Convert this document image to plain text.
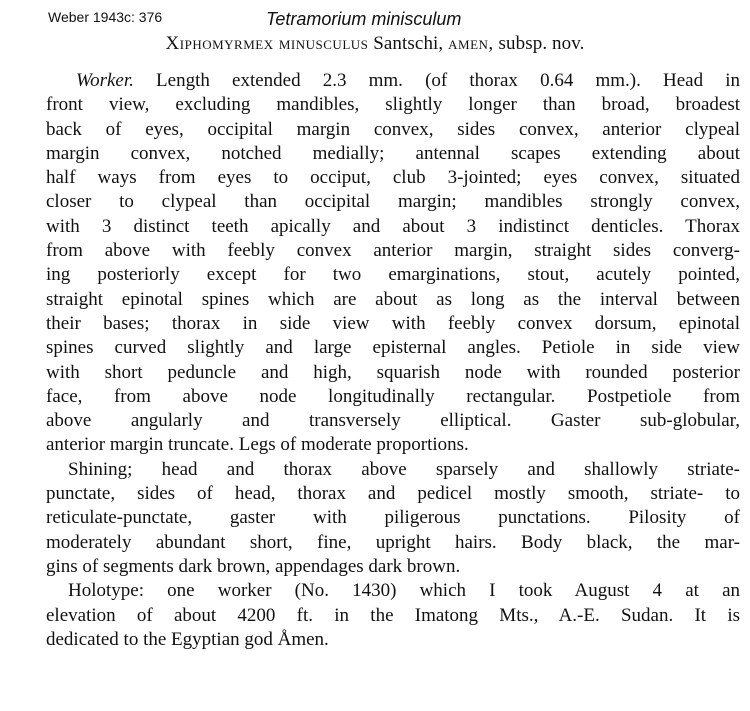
Weber 1943c: 376	Tetramorium minisculum
Xiphomyrmex minusculus Santschi, amen, subsp. nov.
Worker. Length extended 2.3 mm. (of thorax 0.64 mm.). Head in
front view, excluding mandibles, slightly longer than broad, broadest
back of eyes, occipital margin convex, sides convex, anterior clypeal
margin convex, notched medially; antennal scapes extending about
half ways from eyes to occiput, club 3-jointed; eyes convex, situated
closer to clypeal than occipital margin; mandibles strongly convex,
with 3 distinct teeth apically and about 3 indistinct denticles. Thorax
from above with feebly convex anterior margin, straight sides converg-
ing posteriorly except for two emarginations, stout, acutely pointed,
straight epinotal spines which are about as long as the interval between
their bases; thorax in side view with feebly convex dorsum, epinotal
spines curved slightly and large episternal angles. Petiole in side view
with short peduncle and high, squarish node with rounded posterior
face, from above node longitudinally rectangular. Postpetiole from
above angularly and transversely elliptical. Gaster sub-globular,
anterior margin truncate. Legs of moderate proportions.
Shining; head and thorax above sparsely and shallowly striate-
punctate, sides of head, thorax and pedicel mostly smooth, striate- to
reticulate-punctate, gaster with piligerous punctations. Pilosity of
moderately abundant short, fine, upright hairs. Body black, the mar-
gins of segments dark brown, appendages dark brown.
Holotype: one worker (No. 1430) which I took August 4 at an
elevation of about 4200 ft. in the Imatong Mts., A.-E. Sudan. It is
dedicated to the Egyptian god Åmen.
